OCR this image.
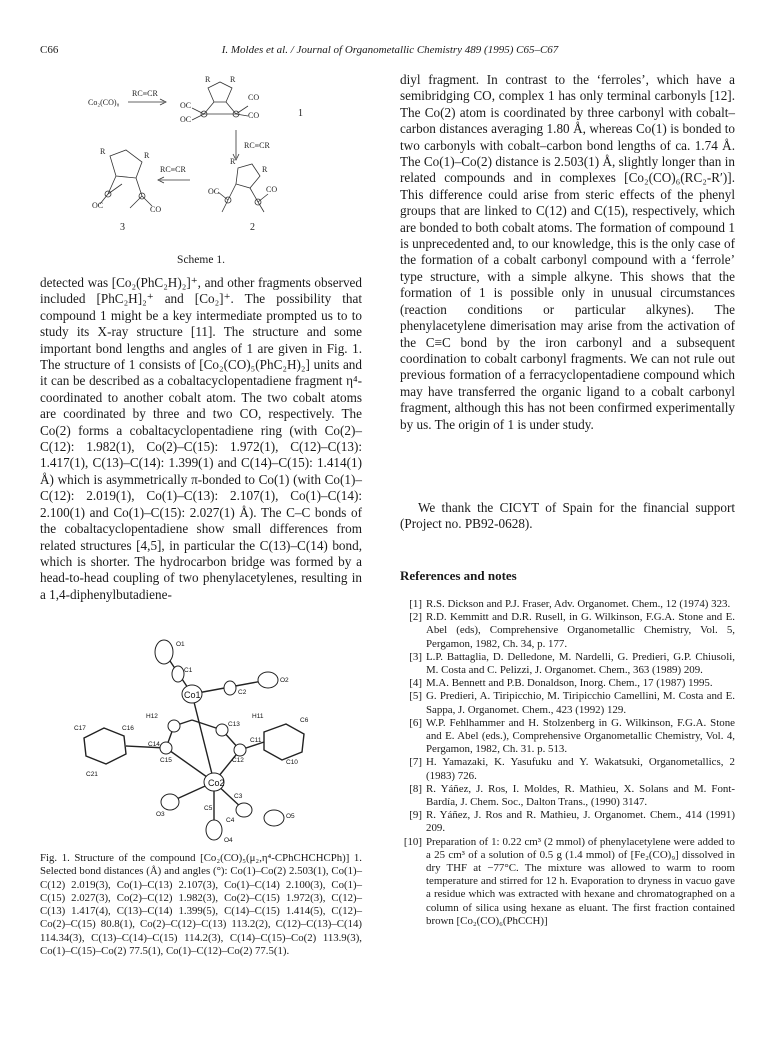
C66	I. Moldes et al. / Journal of Organometallic Chemistry 489 (1995) C65–C67
Co₂(CO)₈
RC≡CR
RC≡CR
RC≡CR
R R
CO
CO
OC
OC
R	R
OC	CO
R
R
CO
OC
1
2
3
Scheme 1.

detected was [Co₂(PhC₂H)₂]⁺, and other fragments observed included [PhC₂H]₂⁺ and [Co₂]⁺. The possibility that compound 1 might be a key intermediate prompted us to to study its X-ray structure [11]. The structure and some important bond lengths and angles of 1 are given in Fig. 1. The structure of 1 consists of [Co₂(CO)₅(PhC₂H)₂] units and it can be described as a cobaltacyclopentadiene fragment η⁴-coordinated to another cobalt atom. The two cobalt atoms are coordinated by three and two CO, respectively. The Co(2) forms a cobaltacyclopentadiene ring (with Co(2)–C(12): 1.982(1), Co(2)–C(15): 1.972(1), C(12)–C(13): 1.417(1), C(13)–C(14): 1.399(1) and C(14)–C(15): 1.414(1) Å) which is asymmetrically π-bonded to Co(1) (with Co(1)–C(12): 2.019(1), Co(1)–C(13): 2.107(1), Co(1)–C(14): 2.100(1) and Co(1)–C(15): 2.027(1) Å). The C–C bonds of the cobaltacyclopentadiene show small differences from related structures [4,5], in particular the C(13)–C(14) bond, which is shorter. The hydrocarbon bridge was formed by a head-to-head coupling of two phenylacetylenes, resulting in a 1,4-diphenylbutadiene-

O1
C1
O2
C2
Co1
H12	H11
C13
C11
C6
C17	C16
C14
C15	C12
Co2
C10
C21
C3
C5
O3
C4
O5
O4
Fig. 1. Structure of the compound [Co₂(CO)₅(μ₂,η⁴-CPhCHCHCPh)] 1. Selected bond distances (Å) and angles (°): Co(1)–Co(2) 2.503(1), Co(1)–C(12) 2.019(3), Co(1)–C(13) 2.107(3), Co(1)–C(14) 2.100(3), Co(1)–C(15) 2.027(3), Co(2)–C(12) 1.982(3), Co(2)–C(15) 1.972(3), C(12)–C(13) 1.417(4), C(13)–C(14) 1.399(5), C(14)–C(15) 1.414(5), C(12)–Co(2)–C(15) 80.8(1), Co(2)–C(12)–C(13) 113.2(2), C(12)–C(13)–C(14) 114.34(3), C(13)–C(14)–C(15) 114.2(3), C(14)–C(15)–Co(2) 113.9(3), Co(1)–C(15)–Co(2) 77.5(1), Co(1)–C(12)–Co(2) 77.5(1).

diyl fragment. In contrast to the ‘ferroles’, which have a semibridging CO, complex 1 has only terminal carbonyls [12]. The Co(2) atom is coordinated by three carbonyl with cobalt–carbon distances averaging 1.80 Å, whereas Co(1) is bonded to two carbonyls with cobalt–carbon bond lengths of ca. 1.74 Å. The Co(1)–Co(2) distance is 2.503(1) Å, slightly longer than in related compounds and in complexes [Co₂(CO)₆(RC₂-R′)]. This difference could arise from steric effects of the phenyl groups that are linked to C(12) and C(15), respectively, which are bonded to both cobalt atoms. The formation of compound 1 is unprecedented and, to our knowledge, this is the only case of the formation of a cobalt carbonyl compound with a ‘ferrole’ type structure, with a simple alkyne. This shows that the formation of 1 is possible only in unusual circumstances (reaction conditions or particular alkynes). The phenylacetylene dimerisation may arise from the activation of the C≡C bond by the iron carbonyl and a subsequent coordination to cobalt carbonyl fragments. We can not rule out previous formation of a ferracyclopentadiene compound which may have transferred the organic ligand to a cobalt carbonyl fragment, although this has not been confirmed experimentally by us. The origin of 1 is under study.

We thank the CICYT of Spain for the financial support (Project no. PB92-0628).

References and notes
[1] R.S. Dickson and P.J. Fraser, Adv. Organomet. Chem., 12 (1974) 323.
[2] R.D. Kemmitt and D.R. Rusell, in G. Wilkinson, F.G.A. Stone and E. Abel (eds), Comprehensive Organometallic Chemistry, Vol. 5, Pergamon, 1982, Ch. 34, p. 177.
[3] L.P. Battaglia, D. Delledone, M. Nardelli, G. Predieri, G.P. Chiusoli, M. Costa and C. Pelizzi, J. Organomet. Chem., 363 (1989) 209.
[4] M.A. Bennett and P.B. Donaldson, Inorg. Chem., 17 (1987) 1995.
[5] G. Predieri, A. Tiripicchio, M. Tiripicchio Camellini, M. Costa and E. Sappa, J. Organomet. Chem., 423 (1992) 129.
[6] W.P. Fehlhammer and H. Stolzenberg in G. Wilkinson, F.G.A. Stone and E. Abel (eds.), Comprehensive Organometallic Chemistry, Vol. 4, Pergamon, 1982, Ch. 31. p. 513.
[7] H. Yamazaki, K. Yasufuku and Y. Wakatsuki, Organometallics, 2 (1983) 726.
[8] R. Yáñez, J. Ros, I. Moldes, R. Mathieu, X. Solans and M. Font-Bardía, J. Chem. Soc., Dalton Trans., (1990) 3147.
[9] R. Yáñez, J. Ros and R. Mathieu, J. Organomet. Chem., 414 (1991) 209.
[10] Preparation of 1: 0.22 cm³ (2 mmol) of phenylacetylene were added to a 25 cm³ of a solution of 0.5 g (1.4 mmol) of [Fe₂(CO)₉] dissolved in dry THF at −77°C. The mixture was allowed to warm to room temperature and stirred for 12 h. Evaporation to dryness in vacuo gave a residue which was extracted with hexane and chromatographed on a column of silica using hexane as eluant. The first fraction contained brown [Co₂(CO)₆(PhCCH)]
